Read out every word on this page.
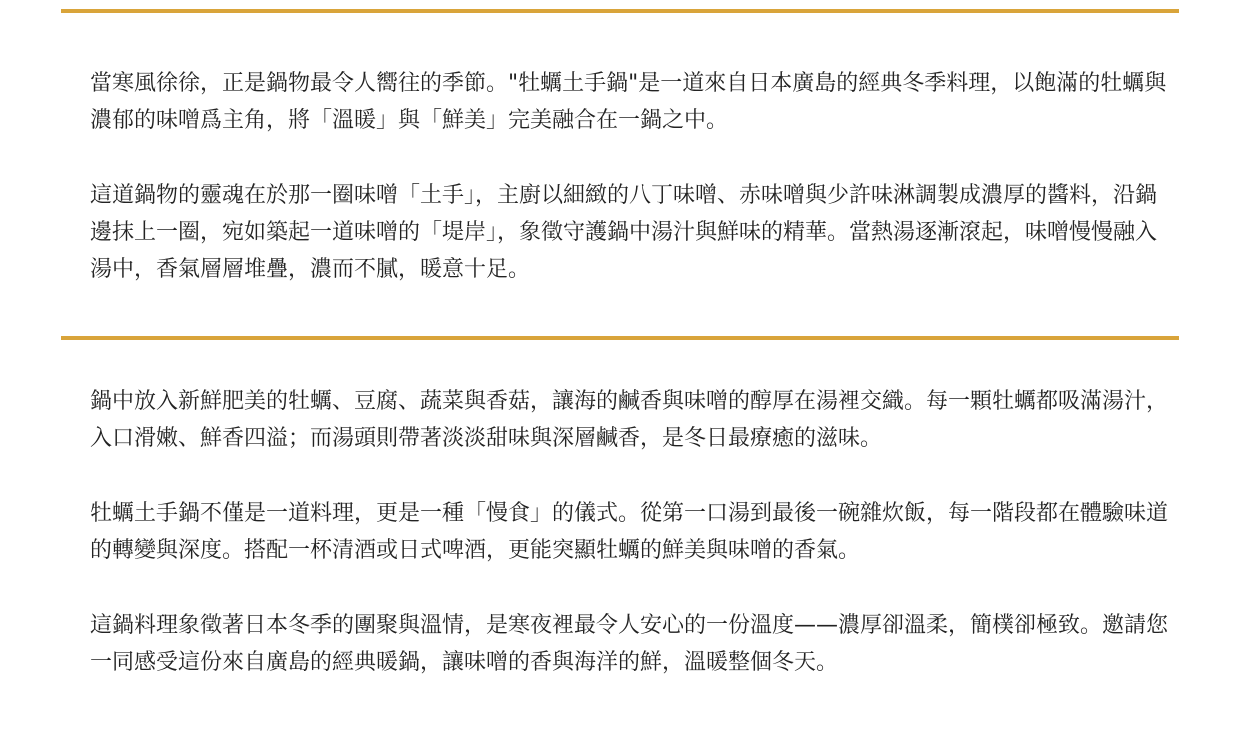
當寒風徐徐，正是鍋物最令人嚮往的季節。"牡蠣土手鍋"是一道來自日本廣島的經典冬季料理，以飽滿的牡蠣與濃郁的味噌爲主角，將「溫暖」與「鮮美」完美融合在一鍋之中。

這道鍋物的靈魂在於那一圈味噌「土手」，主廚以細緻的八丁味噌、赤味噌與少許味淋調製成濃厚的醬料，沿鍋邊抹上一圈，宛如築起一道味噌的「堤岸」，象徵守護鍋中湯汁與鮮味的精華。當熱湯逐漸滾起，味噌慢慢融入湯中，香氣層層堆疊，濃而不膩，暖意十足。

鍋中放入新鮮肥美的牡蠣、豆腐、蔬菜與香菇，讓海的鹹香與味噌的醇厚在湯裡交織。每一顆牡蠣都吸滿湯汁，入口滑嫩、鮮香四溢；而湯頭則帶著淡淡甜味與深層鹹香，是冬日最療癒的滋味。

牡蠣土手鍋不僅是一道料理，更是一種「慢食」的儀式。從第一口湯到最後一碗雜炊飯，每一階段都在體驗味道的轉變與深度。搭配一杯清酒或日式啤酒，更能突顯牡蠣的鮮美與味噌的香氣。

這鍋料理象徵著日本冬季的團聚與溫情，是寒夜裡最令人安心的一份溫度——濃厚卻溫柔，簡樸卻極致。邀請您一同感受這份來自廣島的經典暖鍋，讓味噌的香與海洋的鮮，溫暖整個冬天。
